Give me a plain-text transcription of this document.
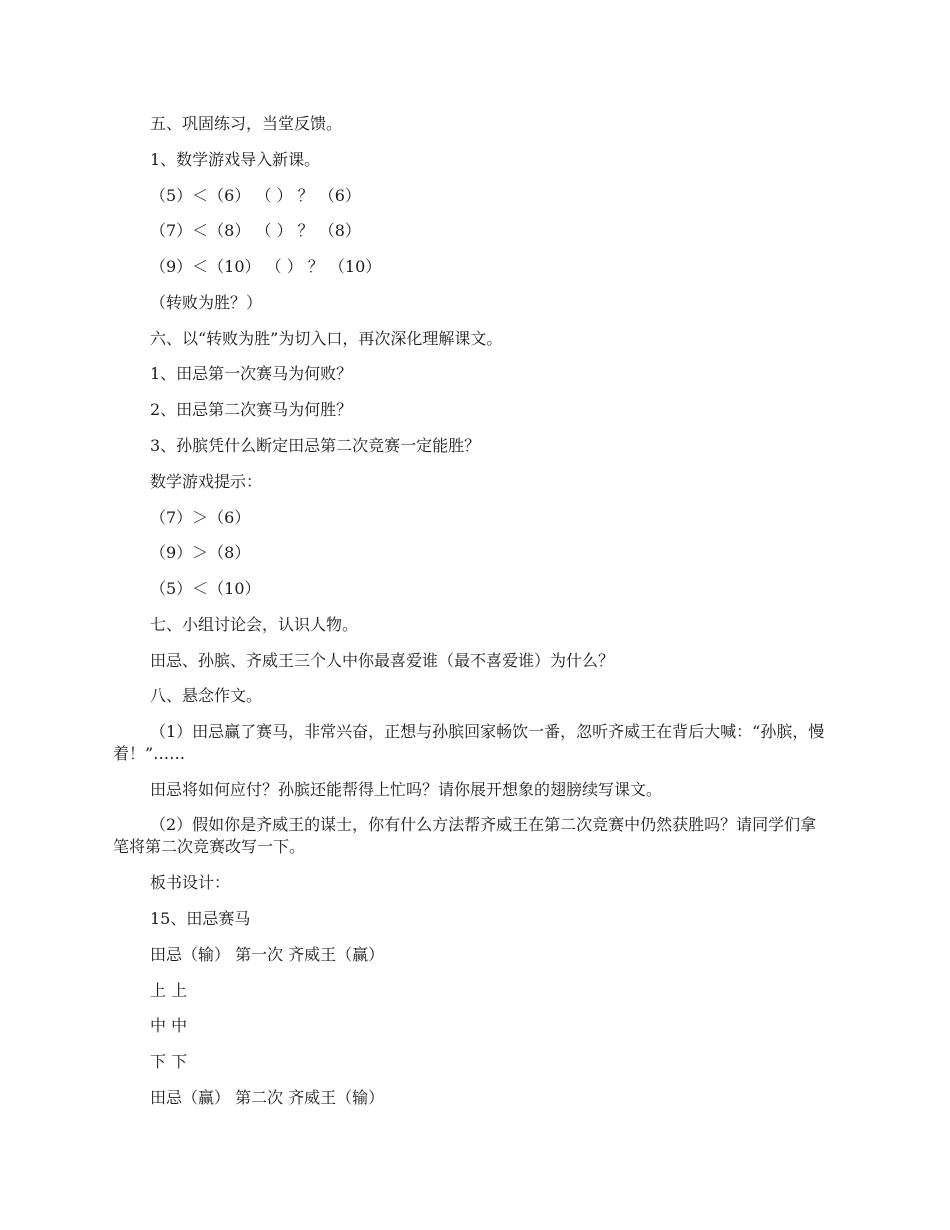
五、巩固练习，当堂反馈。

1、数学游戏导入新课。

（5）＜（6） （ ） ？ （6）

（7）＜（8） （ ） ？ （8）

（9）＜（10） （ ） ？ （10）

（转败为胜？）

六、以“转败为胜”为切入口，再次深化理解课文。

1、田忌第一次赛马为何败？

2、田忌第二次赛马为何胜？

3、孙膑凭什么断定田忌第二次竞赛一定能胜？

数学游戏提示：

（7）＞（6）

（9）＞（8）

（5）＜（10）

七、小组讨论会，认识人物。

田忌、孙膑、齐威王三个人中你最喜爱谁（最不喜爱谁）为什么？

八、悬念作文。

（1）田忌赢了赛马，非常兴奋，正想与孙膑回家畅饮一番，忽听齐威王在背后大喊：“孙膑，慢着！”……

田忌将如何应付？孙膑还能帮得上忙吗？请你展开想象的翅膀续写课文。

（2）假如你是齐威王的谋士，你有什么方法帮齐威王在第二次竞赛中仍然获胜吗？请同学们拿笔将第二次竞赛改写一下。

板书设计：

15、田忌赛马

田忌（输） 第一次 齐威王（赢）

上 上

中 中

下 下

田忌（赢） 第二次 齐威王（输）
